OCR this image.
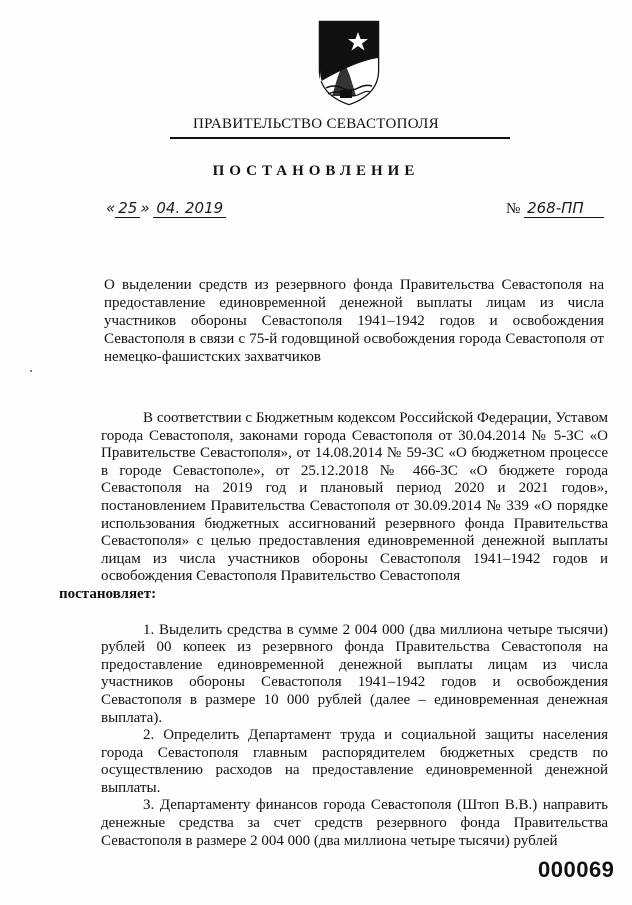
ПРАВИТЕЛЬСТВО СЕВАСТОПОЛЯ
ПОСТАНОВЛЕНИЕ
« 25 » 04. 2019	№ 268-ПП
О выделении средств из резервного фонда Правительства Севастополя на предоставление единовременной денежной выплаты лицам из числа участников обороны Севастополя 1941–1942 годов и освобождения Севастополя в связи с 75-й годовщиной освобождения города Севастополя от немецко-фашистских захватчиков

В соответствии с Бюджетным кодексом Российской Федерации, Уставом города Севастополя, законами города Севастополя от 30.04.2014 № 5-ЗС «О Правительстве Севастополя», от 14.08.2014 № 59-ЗС «О бюджетном процессе в городе Севастополе», от 25.12.2018 № 466-ЗС «О бюджете города Севастополя на 2019 год и плановый период 2020 и 2021 годов», постановлением Правительства Севастополя от 30.09.2014 № 339 «О порядке использования бюджетных ассигнований резервного фонда Правительства Севастополя» с целью предоставления единовременной денежной выплаты лицам из числа участников обороны Севастополя 1941–1942 годов и освобождения Севастополя Правительство Севастополя
постановляет:

1. Выделить средства в сумме 2 004 000 (два миллиона четыре тысячи) рублей 00 копеек из резервного фонда Правительства Севастополя на предоставление единовременной денежной выплаты лицам из числа участников обороны Севастополя 1941–1942 годов и освобождения Севастополя в размере 10 000 рублей (далее – единовременная денежная выплата).

2. Определить Департамент труда и социальной защиты населения города Севастополя главным распорядителем бюджетных средств по осуществлению расходов на предоставление единовременной денежной выплаты.

3. Департаменту финансов города Севастополя (Штоп В.В.) направить денежные средства за счет средств резервного фонда Правительства Севастополя в размере 2 004 000 (два миллиона четыре тысячи) рублей

000069
